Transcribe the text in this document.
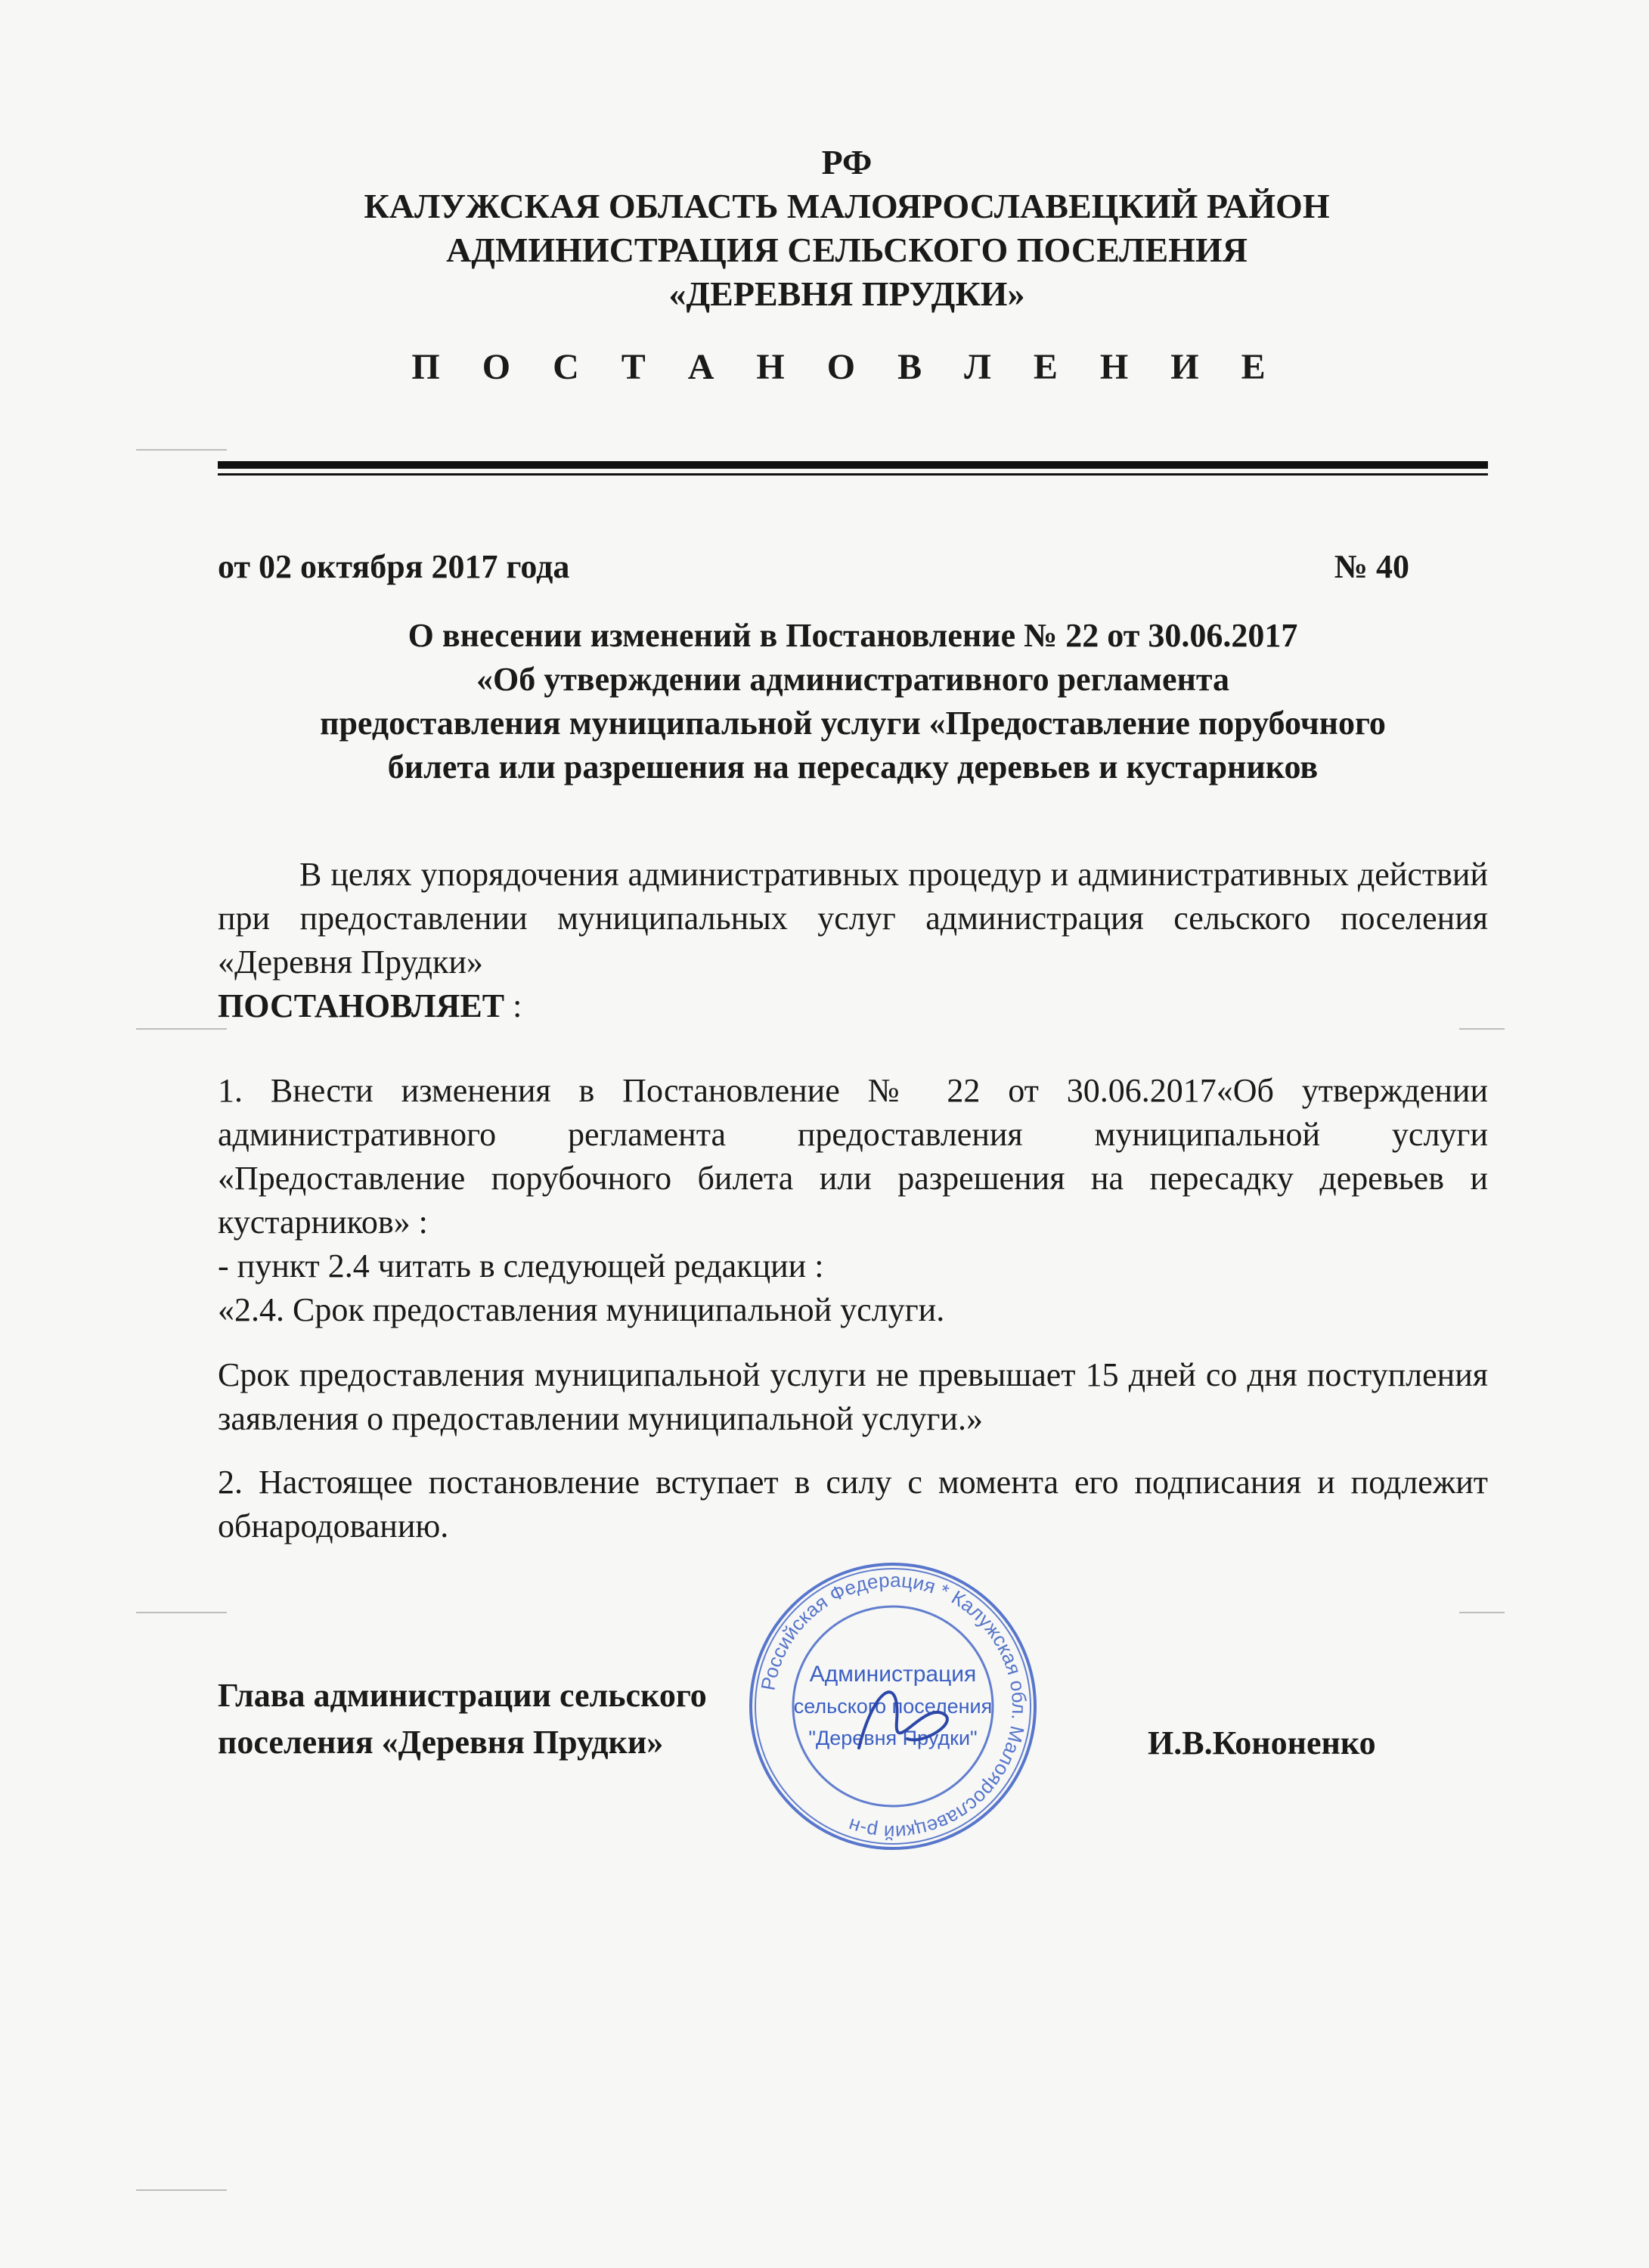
РФ
КАЛУЖСКАЯ ОБЛАСТЬ МАЛОЯРОСЛАВЕЦКИЙ РАЙОН
АДМИНИСТРАЦИЯ СЕЛЬСКОГО ПОСЕЛЕНИЯ
«ДЕРЕВНЯ ПРУДКИ»
П О С Т А Н О В Л Е Н И Е
от 02 октября 2017 года	№ 40
О внесении изменений в Постановление № 22 от 30.06.2017
«Об утверждении административного регламента
предоставления муниципальной услуги «Предоставление порубочного
билета или разрешения на пересадку деревьев и кустарников

В целях упорядочения административных процедур и административных действий при предоставлении муниципальных услуг администрация сельского поселения «Деревня Прудки»

ПОСТАНОВЛЯЕТ :

1. Внести изменения в Постановление № 22 от 30.06.2017«Об утверждении административного регламента предоставления муниципальной услуги «Предоставление порубочного билета или разрешения на пересадку деревьев и кустарников» :

- пункт 2.4 читать в следующей редакции :
«2.4. Срок предоставления муниципальной услуги.

Срок предоставления муниципальной услуги не превышает 15 дней со дня поступления заявления о предоставлении муниципальной услуги.»

2. Настоящее постановление вступает в силу с момента его подписания и подлежит обнародованию.

Глава администрации сельского
поселения «Деревня Прудки»	И.В.Кононенко
Российская Федерация * Калужская обл. Малоярославецкий р-н
Администрация
сельского поселения
"Деревня Прудки"
